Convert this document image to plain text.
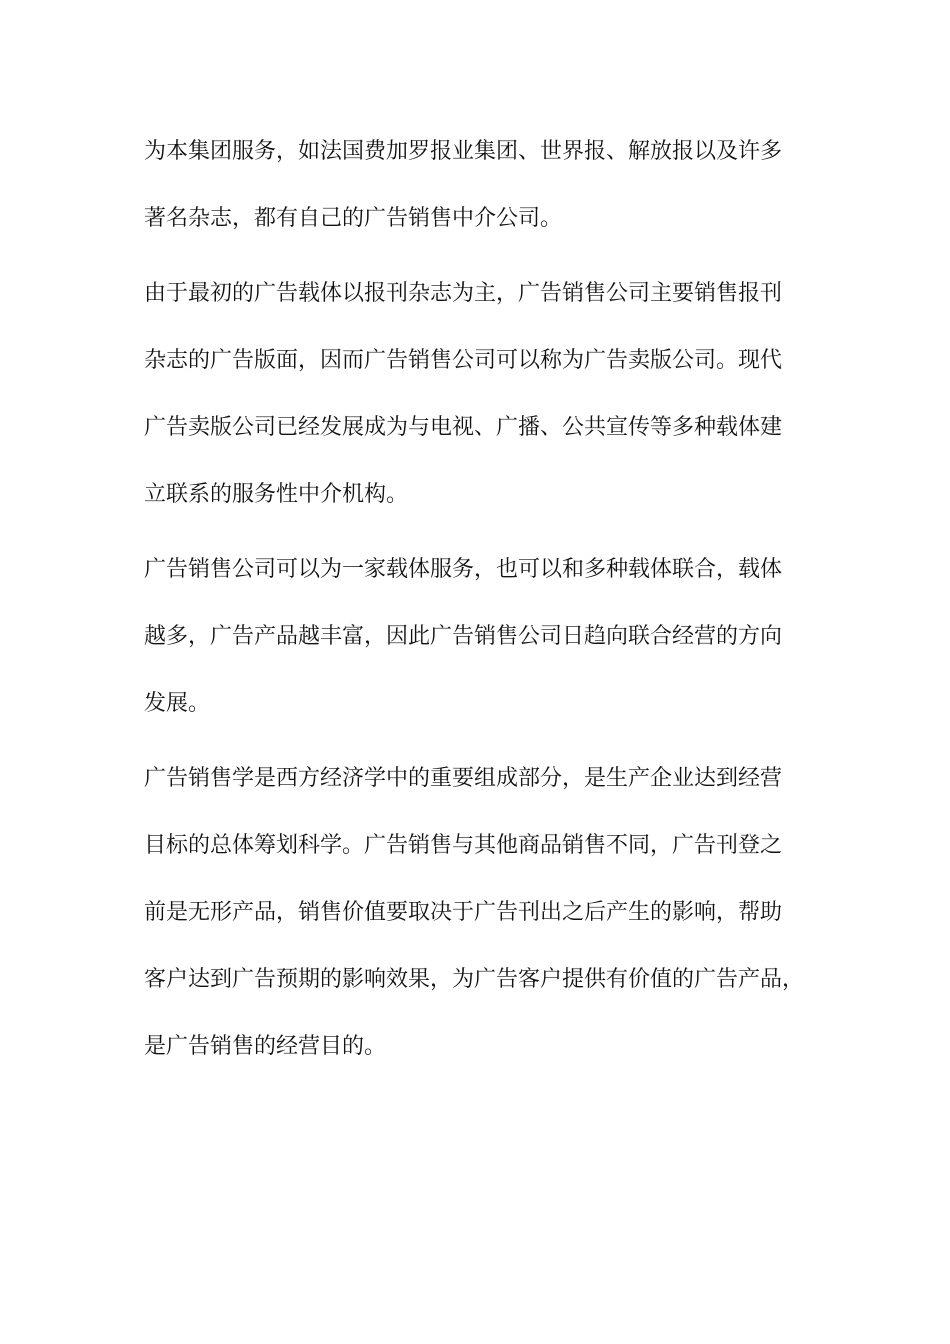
为本集团服务，如法国费加罗报业集团、世界报、解放报以及许多
著名杂志，都有自己的广告销售中介公司。

由于最初的广告载体以报刊杂志为主，广告销售公司主要销售报刊
杂志的广告版面，因而广告销售公司可以称为广告卖版公司。现代
广告卖版公司已经发展成为与电视、广播、公共宣传等多种载体建
立联系的服务性中介机构。

广告销售公司可以为一家载体服务，也可以和多种载体联合，载体
越多，广告产品越丰富，因此广告销售公司日趋向联合经营的方向
发展。

广告销售学是西方经济学中的重要组成部分，是生产企业达到经营
目标的总体筹划科学。广告销售与其他商品销售不同，广告刊登之
前是无形产品，销售价值要取决于广告刊出之后产生的影响，帮助
客户达到广告预期的影响效果，为广告客户提供有价值的广告产品，
是广告销售的经营目的。
